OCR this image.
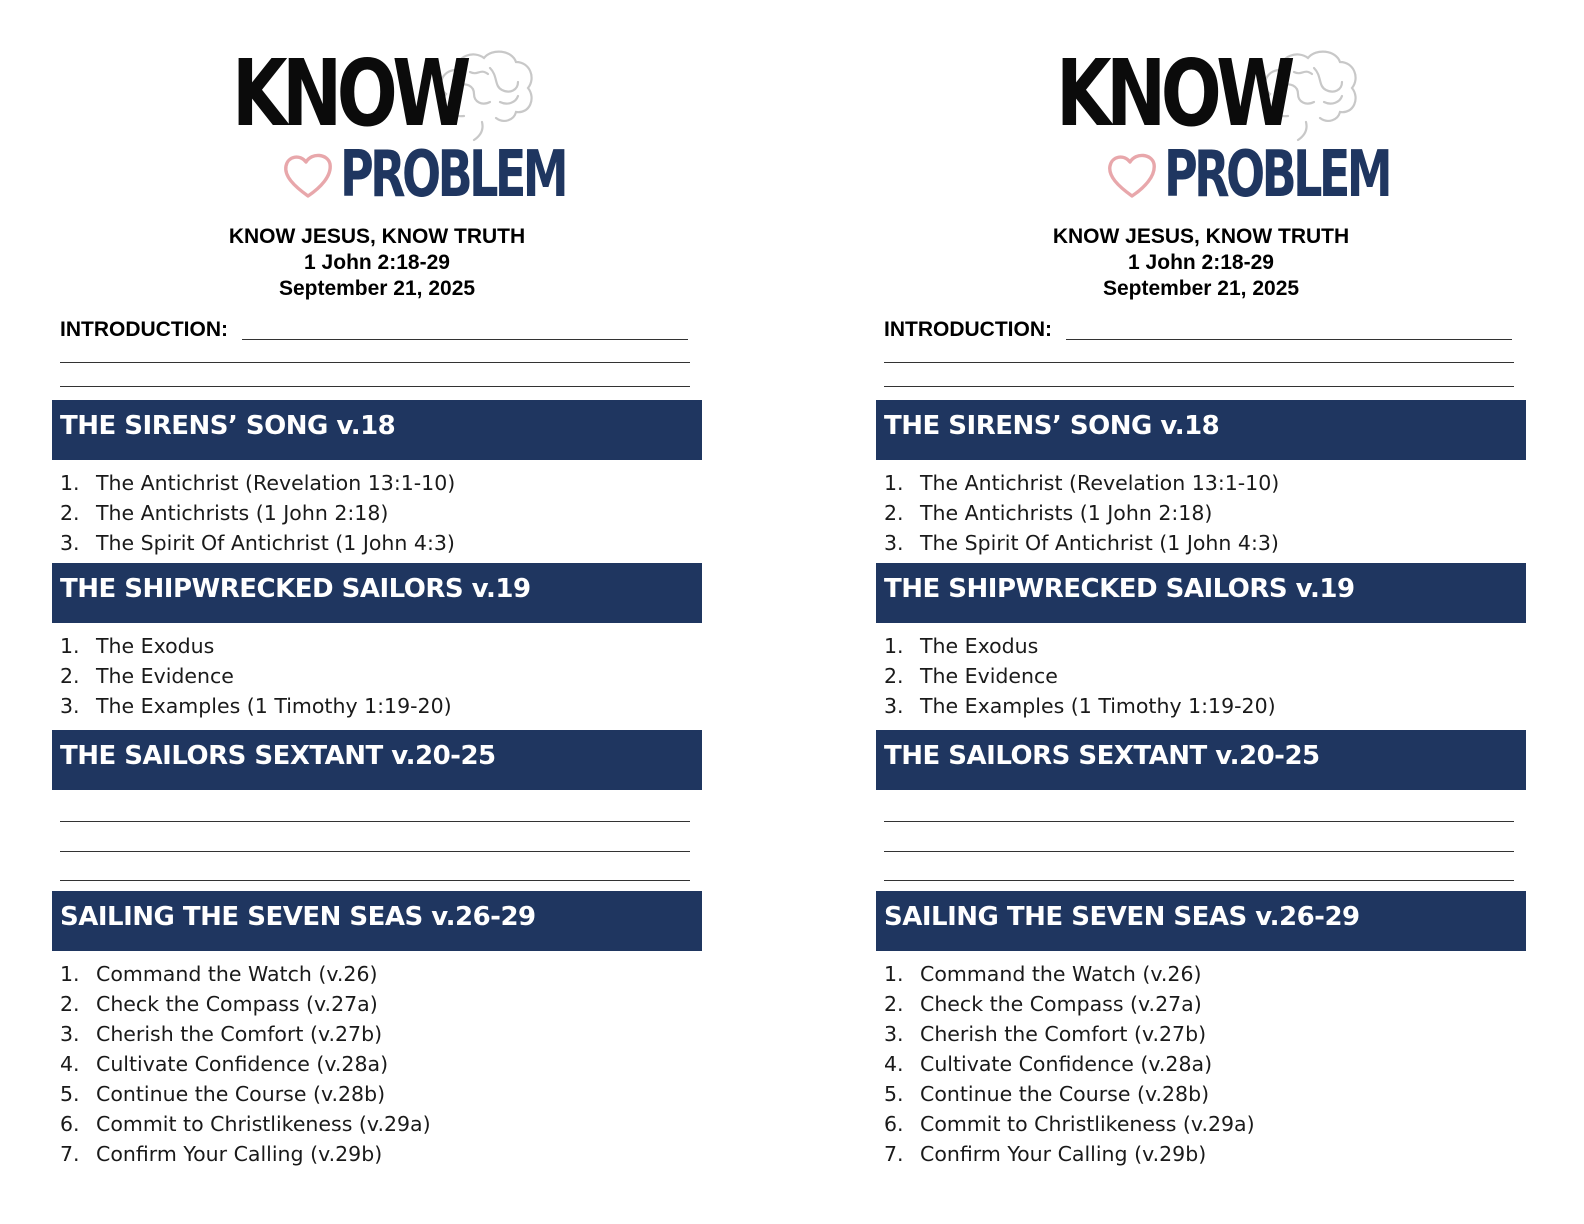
KNOW
PROBLEM
KNOW JESUS, KNOW TRUTH
1 John 2:18-29
September 21, 2025
INTRODUCTION:
THE SIRENS’ SONG v.18
1. The Antichrist (Revelation 13:1-10)
2. The Antichrists (1 John 2:18)
3. The Spirit Of Antichrist (1 John 4:3)
THE SHIPWRECKED SAILORS v.19
1. The Exodus
2. The Evidence
3. The Examples (1 Timothy 1:19-20)
THE SAILORS SEXTANT v.20-25
SAILING THE SEVEN SEAS v.26-29
1. Command the Watch (v.26)
2. Check the Compass (v.27a)
3. Cherish the Comfort (v.27b)
4. Cultivate Confidence (v.28a)
5. Continue the Course (v.28b)
6. Commit to Christlikeness (v.29a)
7. Confirm Your Calling (v.29b)
KNOW
PROBLEM
KNOW JESUS, KNOW TRUTH
1 John 2:18-29
September 21, 2025
INTRODUCTION:
THE SIRENS’ SONG v.18
1. The Antichrist (Revelation 13:1-10)
2. The Antichrists (1 John 2:18)
3. The Spirit Of Antichrist (1 John 4:3)
THE SHIPWRECKED SAILORS v.19
1. The Exodus
2. The Evidence
3. The Examples (1 Timothy 1:19-20)
THE SAILORS SEXTANT v.20-25
SAILING THE SEVEN SEAS v.26-29
1. Command the Watch (v.26)
2. Check the Compass (v.27a)
3. Cherish the Comfort (v.27b)
4. Cultivate Confidence (v.28a)
5. Continue the Course (v.28b)
6. Commit to Christlikeness (v.29a)
7. Confirm Your Calling (v.29b)
